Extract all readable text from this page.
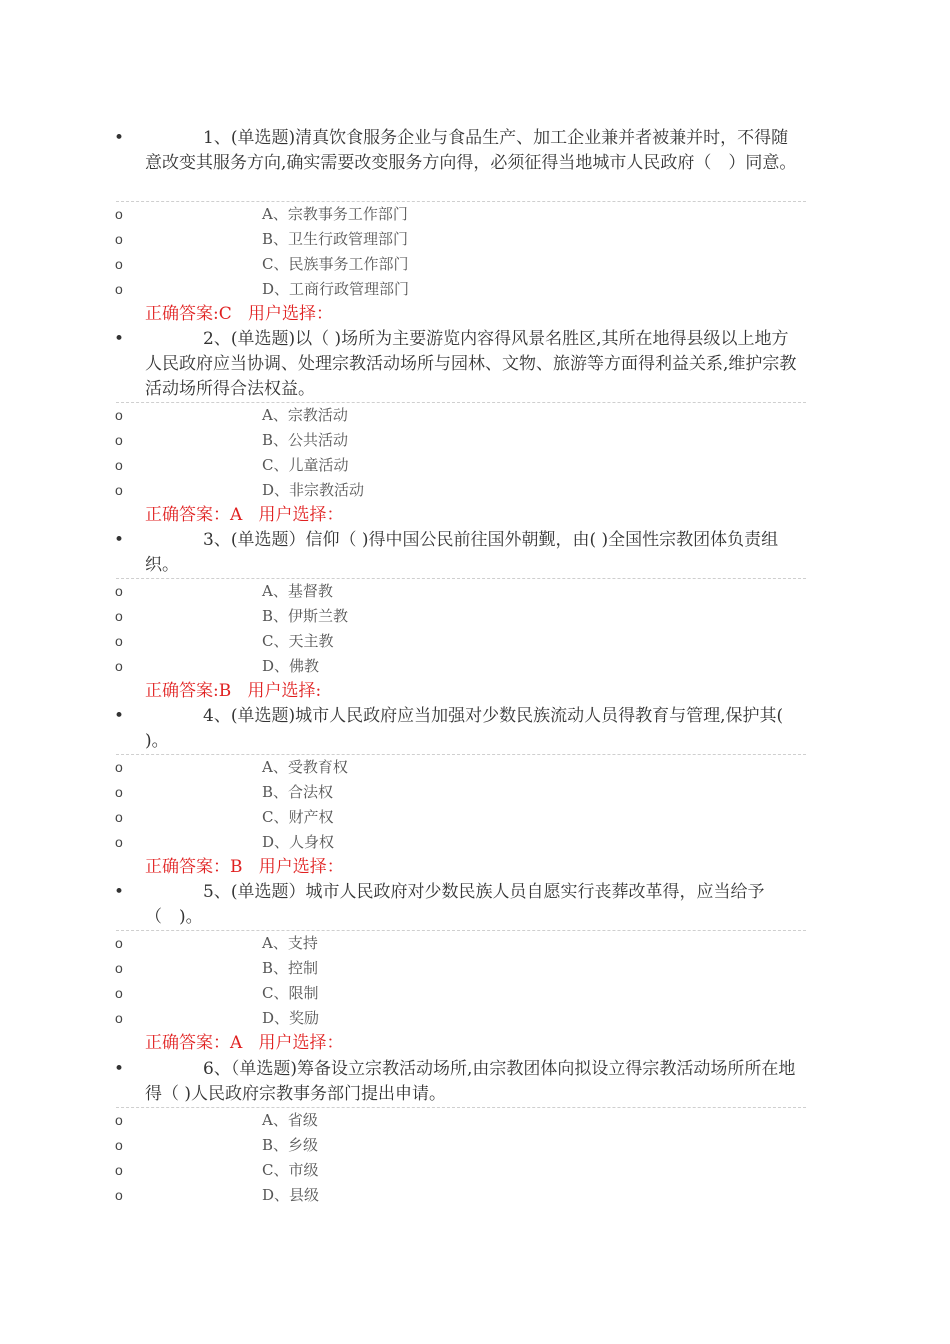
•	1、(单选题)清真饮食服务企业与食品生产、加工企业兼并者被兼并时，不得随意改变其服务方向,确实需要改变服务方向得，必须征得当地城市人民政府（　）同意。
o	A、宗教事务工作部门
o	B、卫生行政管理部门
o	C、民族事务工作部门
o	D、工商行政管理部门
正确答案:C 用户选择：
•	2、(单选题)以（ )场所为主要游览内容得风景名胜区,其所在地得县级以上地方人民政府应当协调、处理宗教活动场所与园林、文物、旅游等方面得利益关系,维护宗教活动场所得合法权益。
o	A、宗教活动
o	B、公共活动
o	C、儿童活动
o	D、非宗教活动
正确答案：A 用户选择：
•	3、(单选题）信仰（ )得中国公民前往国外朝觐，由( )全国性宗教团体负责组织。
o	A、基督教
o	B、伊斯兰教
o	C、天主教
o	D、佛教
正确答案:B 用户选择:
•	4、(单选题)城市人民政府应当加强对少数民族流动人员得教育与管理,保护其( )。
o	A、受教育权
o	B、合法权
o	C、财产权
o	D、人身权
正确答案：B 用户选择：
•	5、(单选题）城市人民政府对少数民族人员自愿实行丧葬改革得，应当给予（　)。
o	A、支持
o	B、控制
o	C、限制
o	D、奖励
正确答案：A 用户选择：
•	6、（单选题)筹备设立宗教活动场所,由宗教团体向拟设立得宗教活动场所所在地得（ )人民政府宗教事务部门提出申请。
o	A、省级
o	B、乡级
o	C、市级
o	D、县级
